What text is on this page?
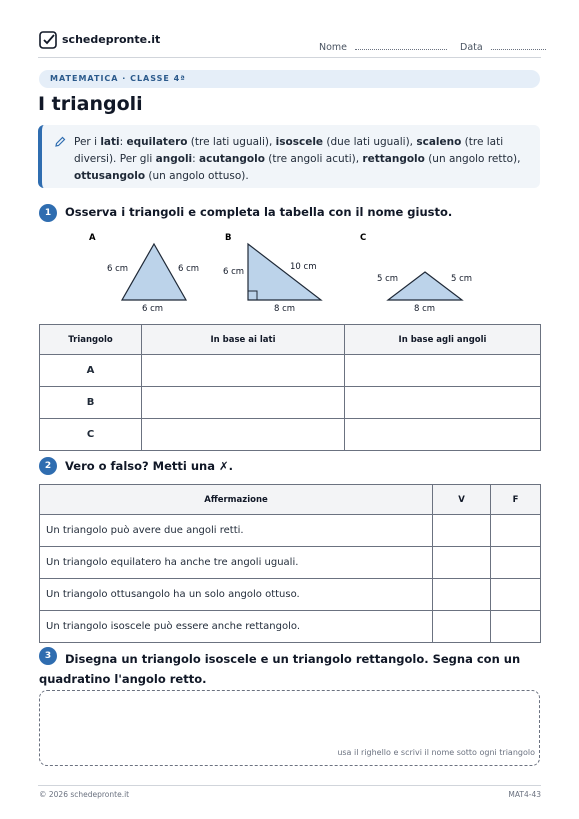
schedepronte.it
Nome	Data
MATEMATICA · CLASSE 4ª
I triangoli
Per i lati: equilatero (tre lati uguali), isoscele (due lati uguali), scaleno (tre lati diversi). Per gli angoli: acutangolo (tre angoli acuti), rettangolo (un angolo retto), ottusangolo (un angolo ottuso).
1	Osserva i triangoli e completa la tabella con il nome giusto.
A
6 cm	6 cm
6 cm
B
6 cm	10 cm
8 cm
C
5 cm	5 cm
8 cm
Triangolo	In base ai lati	In base agli angoli
A		
B		
C		
2	Vero o falso? Metti una ✗.
Affermazione	V	F
Un triangolo può avere due angoli retti.		
Un triangolo equilatero ha anche tre angoli uguali.		
Un triangolo ottusangolo ha un solo angolo ottuso.		
Un triangolo isoscele può essere anche rettangolo.		
3	Disegna un triangolo isoscele e un triangolo rettangolo. Segna con un
quadratino l'angolo retto.
usa il righello e scrivi il nome sotto ogni triangolo
© 2026 schedepronte.it	MAT4-43
